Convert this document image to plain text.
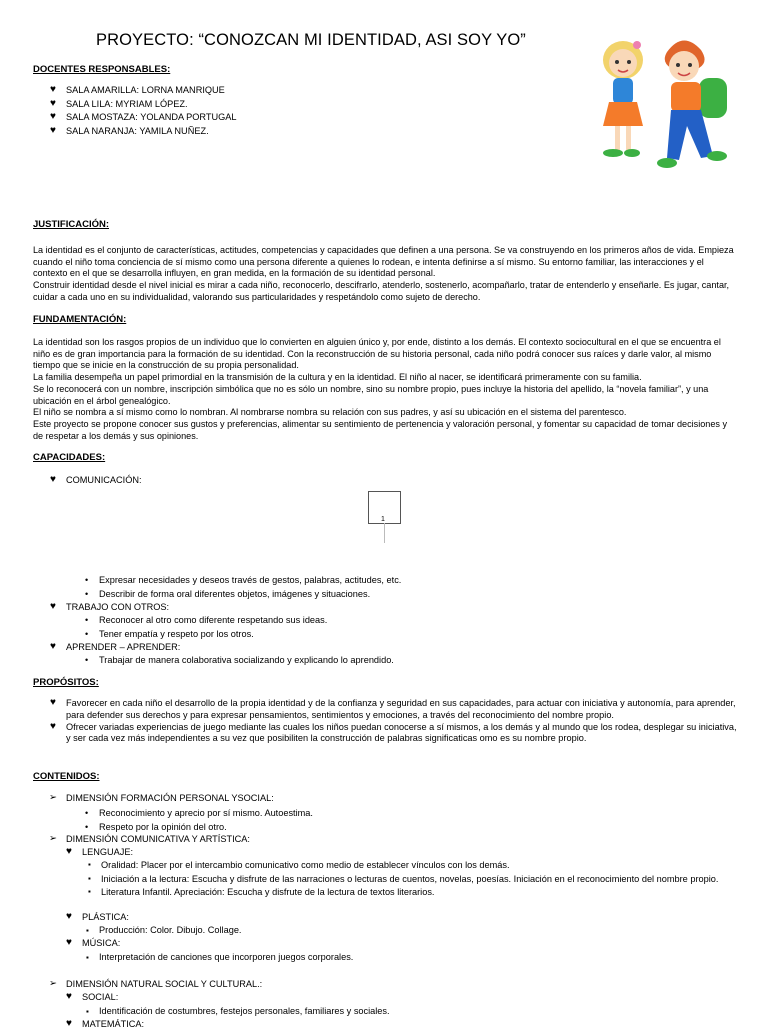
PROYECTO: “CONOZCAN MI IDENTIDAD, ASI SOY YO”
DOCENTES RESPONSABLES:
♥ SALA AMARILLA: LORNA MANRIQUE
♥ SALA LILA: MYRIAM LÓPEZ.
♥ SALA MOSTAZA: YOLANDA PORTUGAL
♥ SALA NARANJA: YAMILA NUÑEZ.
JUSTIFICACIÓN:

La identidad es el conjunto de características, actitudes, competencias y capacidades que definen a una persona. Se va construyendo en los primeros años de vida. Empieza cuando el niño toma conciencia de sí mismo como una persona diferente a quienes lo rodean, e intenta definirse a sí mismo. Su entorno familiar, las interacciones y el contexto en el que se desarrolla influyen, en gran medida, en la formación de su identidad personal.

Construir identidad desde el nivel inicial es mirar a cada niño, reconocerlo, descifrarlo, atenderlo, sostenerlo, acompañarlo, tratar de entenderlo y enseñarle. Es jugar, cantar, cuidar a cada uno en su individualidad, valorando sus particularidades y respetándolo como sujeto de derecho.

FUNDAMENTACIÓN:

La identidad son los rasgos propios de un individuo que lo convierten en alguien único y, por ende, distinto a los demás. El contexto sociocultural en el que se encuentra el niño es de gran importancia para la formación de su identidad. Con la reconstrucción de su historia personal, cada niño podrá conocer sus raíces y darle valor, al mismo tiempo que se inicie en la construcción de su propia personalidad.

La familia desempeña un papel primordial en la transmisión de la cultura y en la identidad. El niño al nacer, se identificará primeramente con su familia.

Se lo reconocerá con un nombre, inscripción simbólica que no es sólo un nombre, sino su nombre propio, pues incluye la historia del apellido, la “novela familiar”, y una ubicación en el árbol genealógico.

El niño se nombra a sí mismo como lo nombran. Al nombrarse nombra su relación con sus padres, y así su ubicación en el sistema del parentesco.

Este proyecto se propone conocer sus gustos y preferencias, alimentar su sentimiento de pertenencia y valoración personal, y fomentar su capacidad de tomar decisiones y de respetar a los demás y sus opiniones.

CAPACIDADES:
♥ COMUNICACIÓN:
1
• Expresar necesidades y deseos través de gestos, palabras, actitudes, etc.
• Describir de forma oral diferentes objetos, imágenes y situaciones.
♥ TRABAJO CON OTROS:
• Reconocer al otro como diferente respetando sus ideas.
• Tener empatía y respeto por los otros.
♥ APRENDER – APRENDER:
• Trabajar de manera colaborativa socializando y explicando lo aprendido.
PROPÓSITOS:
♥ Favorecer en cada niño el desarrollo de la propia identidad y de la confianza y seguridad en sus capacidades, para actuar con iniciativa y autonomía, para aprender, para defender sus derechos y para expresar pensamientos, sentimientos y emociones, a través del reconocimiento del nombre propio.
♥ Ofrecer variadas experiencias de juego mediante las cuales los niños puedan conocerse a sí mismos, a los demás y al mundo que los rodea, desplegar su iniciativa, y ser cada vez más independientes a su vez que posibiliten la construcción de palabras significaticas omo es su nombre propio.
CONTENIDOS:
➢ DIMENSIÓN FORMACIÓN PERSONAL YSOCIAL:
• Reconocimiento y aprecio por sí mismo. Autoestima.
• Respeto por la opinión del otro.
➢ DIMENSIÓN COMUNICATIVA Y ARTÍSTICA:
♥ LENGUAJE:
▪ Oralidad: Placer por el intercambio comunicativo como medio de establecer vínculos con los demás.
▪ Iniciación a la lectura: Escucha y disfrute de las narraciones o lecturas de cuentos, novelas, poesías. Iniciación en el reconocimiento del nombre propio.
▪ Literatura Infantil. Apreciación: Escucha y disfrute de la lectura de textos literarios.
♥ PLÁSTICA:
▪ Producción: Color. Dibujo. Collage.
♥ MÚSICA:
▪ Interpretación de canciones que incorporen juegos corporales.
➢ DIMENSIÓN NATURAL SOCIAL Y CULTURAL.:
♥ SOCIAL:
▪ Identificación de costumbres, festejos personales, familiares y sociales.
♥ MATEMÁTICA:
